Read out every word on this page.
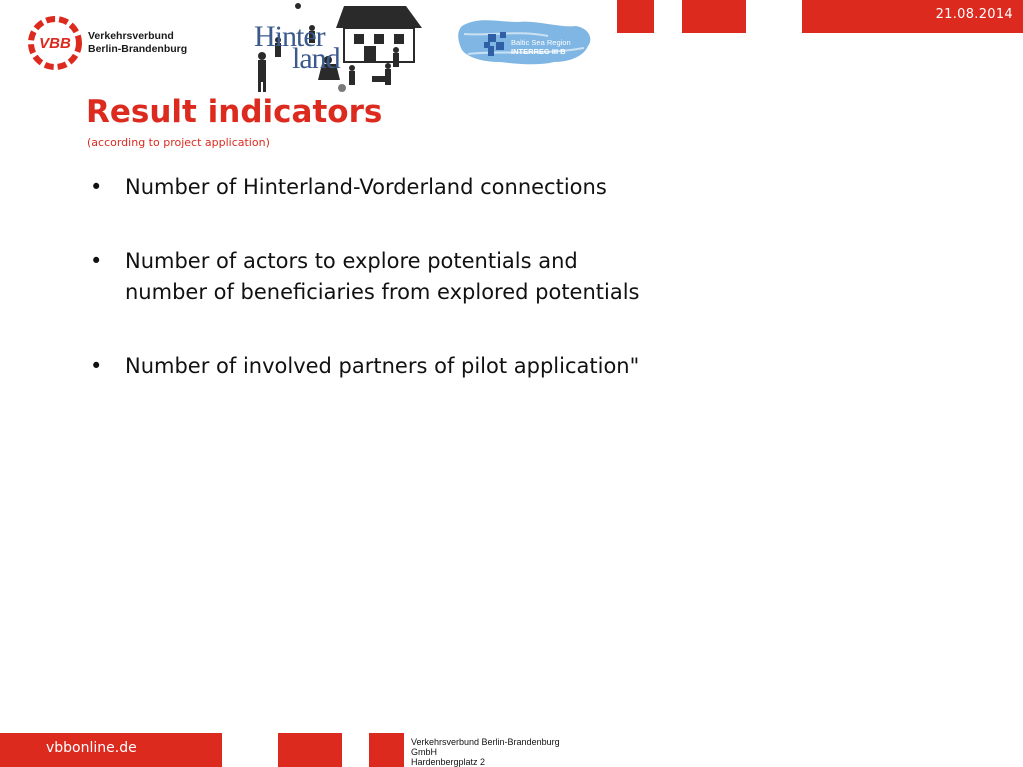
21.08.2014
VBB Verkehrsverbund
Berlin-Brandenburg Hinter
land	Baltic Sea Region
INTERREG III B
Result indicators
(according to project application)
• Number of Hinterland-Vorderland connections
• Number of actors to explore potentials and
number of beneficiaries from explored potentials
• Number of involved partners of pilot application"
vbbonline.de	Verkehrsverbund Berlin-Brandenburg
GmbH
Hardenbergplatz 2
